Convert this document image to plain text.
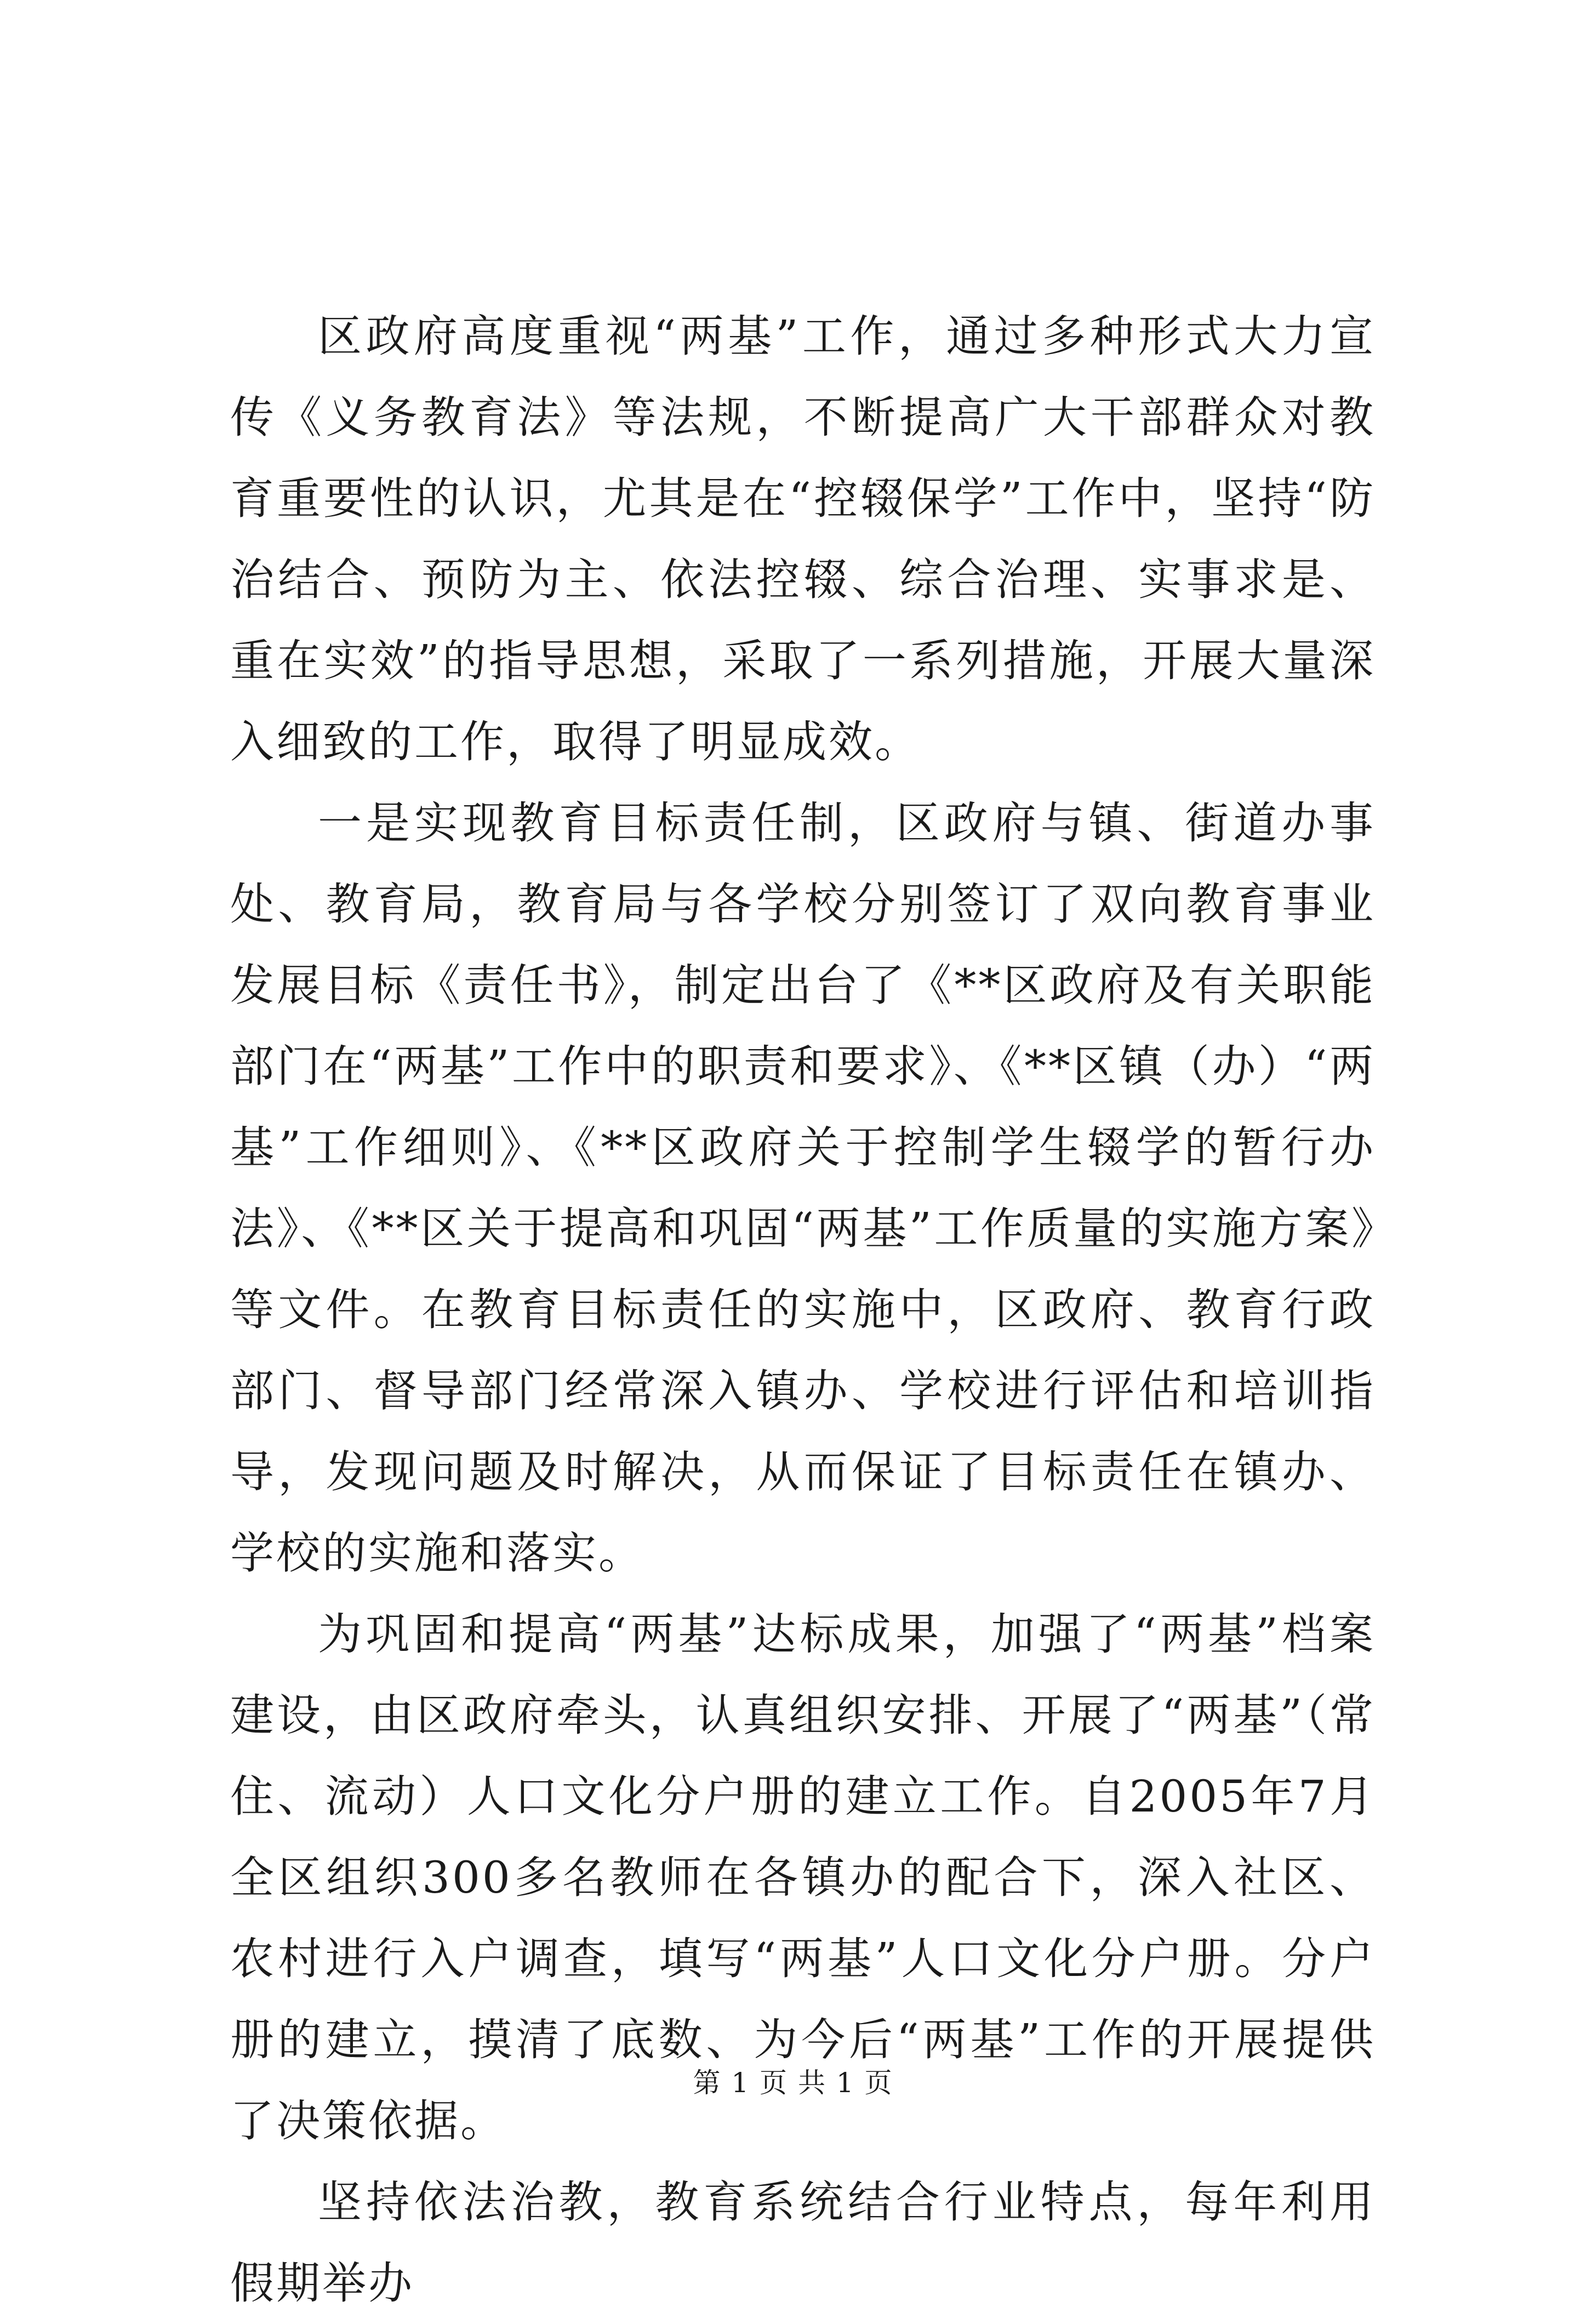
区政府高度重视“两基”工作，通过多种形式大力宣传《义务教育法》等法规，不断提高广大干部群众对教育重要性的认识，尤其是在“控辍保学”工作中，坚持“防治结合、预防为主、依法控辍、综合治理、实事求是、重在实效”的指导思想，采取了一系列措施，开展大量深入细致的工作，取得了明显成效。

一是实现教育目标责任制，区政府与镇、街道办事处、教育局，教育局与各学校分别签订了双向教育事业发展目标《责任书》，制定出台了《**区政府及有关职能部门在“两基”工作中的职责和要求》、《**区镇（办）“两基”工作细则》、《**区政府关于控制学生辍学的暂行办法》、《**区关于提高和巩固“两基”工作质量的实施方案》等文件。在教育目标责任的实施中，区政府、教育行政部门、督导部门经常深入镇办、学校进行评估和培训指导，发现问题及时解决，从而保证了目标责任在镇办、学校的实施和落实。

为巩固和提高“两基”达标成果，加强了“两基”档案建设，由区政府牵头，认真组织安排、开展了“两基”（常住、流动）人口文化分户册的建立工作。自2005年7月全区组织300多名教师在各镇办的配合下，深入社区、农村进行入户调查，填写“两基”人口文化分户册。分户册的建立，摸清了底数、为今后“两基”工作的开展提供了决策依据。

坚持依法治教，教育系统结合行业特点，每年利用假期举办

第 1 页 共 1 页
